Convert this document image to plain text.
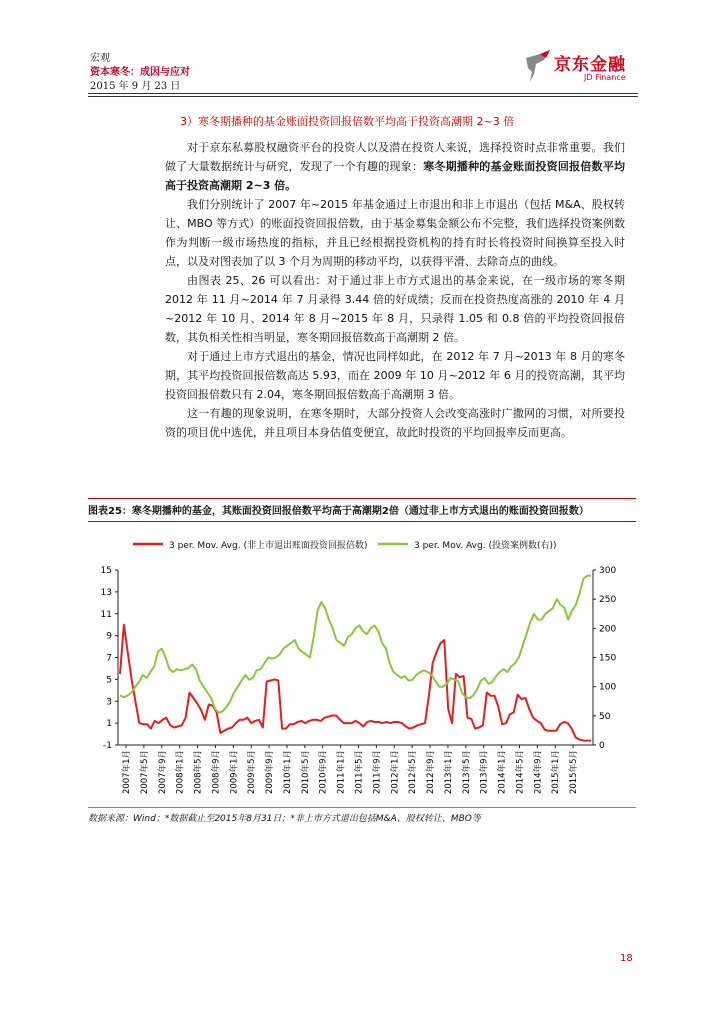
宏观
资本寒冬：成因与应对
2015 年 9 月 23 日
京东金融
JD Finance
3）寒冬期播种的基金账面投资回报倍数平均高于投资高潮期 2~3 倍

对于京东私募股权融资平台的投资人以及潜在投资人来说，选择投资时点非常重要。我们做了大量数据统计与研究，发现了一个有趣的现象：寒冬期播种的基金账面投资回报倍数平均高于投资高潮期 2~3 倍。

我们分别统计了 2007 年~2015 年基金通过上市退出和非上市退出（包括 M&A、股权转让、MBO 等方式）的账面投资回报倍数，由于基金募集金额公布不完整，我们选择投资案例数作为判断一级市场热度的指标，并且已经根据投资机构的持有时长将投资时间换算至投入时点，以及对图表加了以 3 个月为周期的移动平均，以获得平滑、去除奇点的曲线。

由图表 25、26 可以看出：对于通过非上市方式退出的基金来说，在一级市场的寒冬期 2012 年 11 月~2014 年 7 月录得 3.44 倍的好成绩；反而在投资热度高涨的 2010 年 4 月~2012 年 10 月、2014 年 8 月~2015 年 8 月，只录得 1.05 和 0.8 倍的平均投资回报倍数，其负相关性相当明显，寒冬期回报倍数高于高潮期 2 倍。

对于通过上市方式退出的基金，情况也同样如此，在 2012 年 7 月~2013 年 8 月的寒冬期，其平均投资回报倍数高达 5.93，而在 2009 年 10 月~2012 年 6 月的投资高潮，其平均投资回报倍数只有 2.04，寒冬期回报倍数高于高潮期 3 倍。

这一有趣的现象说明，在寒冬期时，大部分投资人会改变高涨时广撒网的习惯，对所要投资的项目优中选优，并且项目本身估值变便宜，故此时投资的平均回报率反而更高。

图表25：寒冬期播种的基金，其账面投资回报倍数平均高于高潮期2倍（通过非上市方式退出的账面投资回报数）
3 per. Mov. Avg. (非上市退出账面投资回报倍数)	3 per. Mov. Avg. (投资案例数(右))
15
13
11
9
7
5
3
1
-1
300
250
200
150
100
50
0
2007年1月 2007年5月 2007年9月 2008年1月 2008年5月 2008年9月 2009年1月 2009年5月 2009年9月 2010年1月 2010年5月 2010年9月 2011年1月 2011年5月 2011年9月 2012年1月 2012年5月 2012年9月 2013年1月 2013年5月 2013年9月 2014年1月 2014年5月 2014年9月 2015年1月 2015年5月
数据来源：Wind；*数据截止至2015年8月31日；*非上市方式退出包括M&A、股权转让、MBO等
18
